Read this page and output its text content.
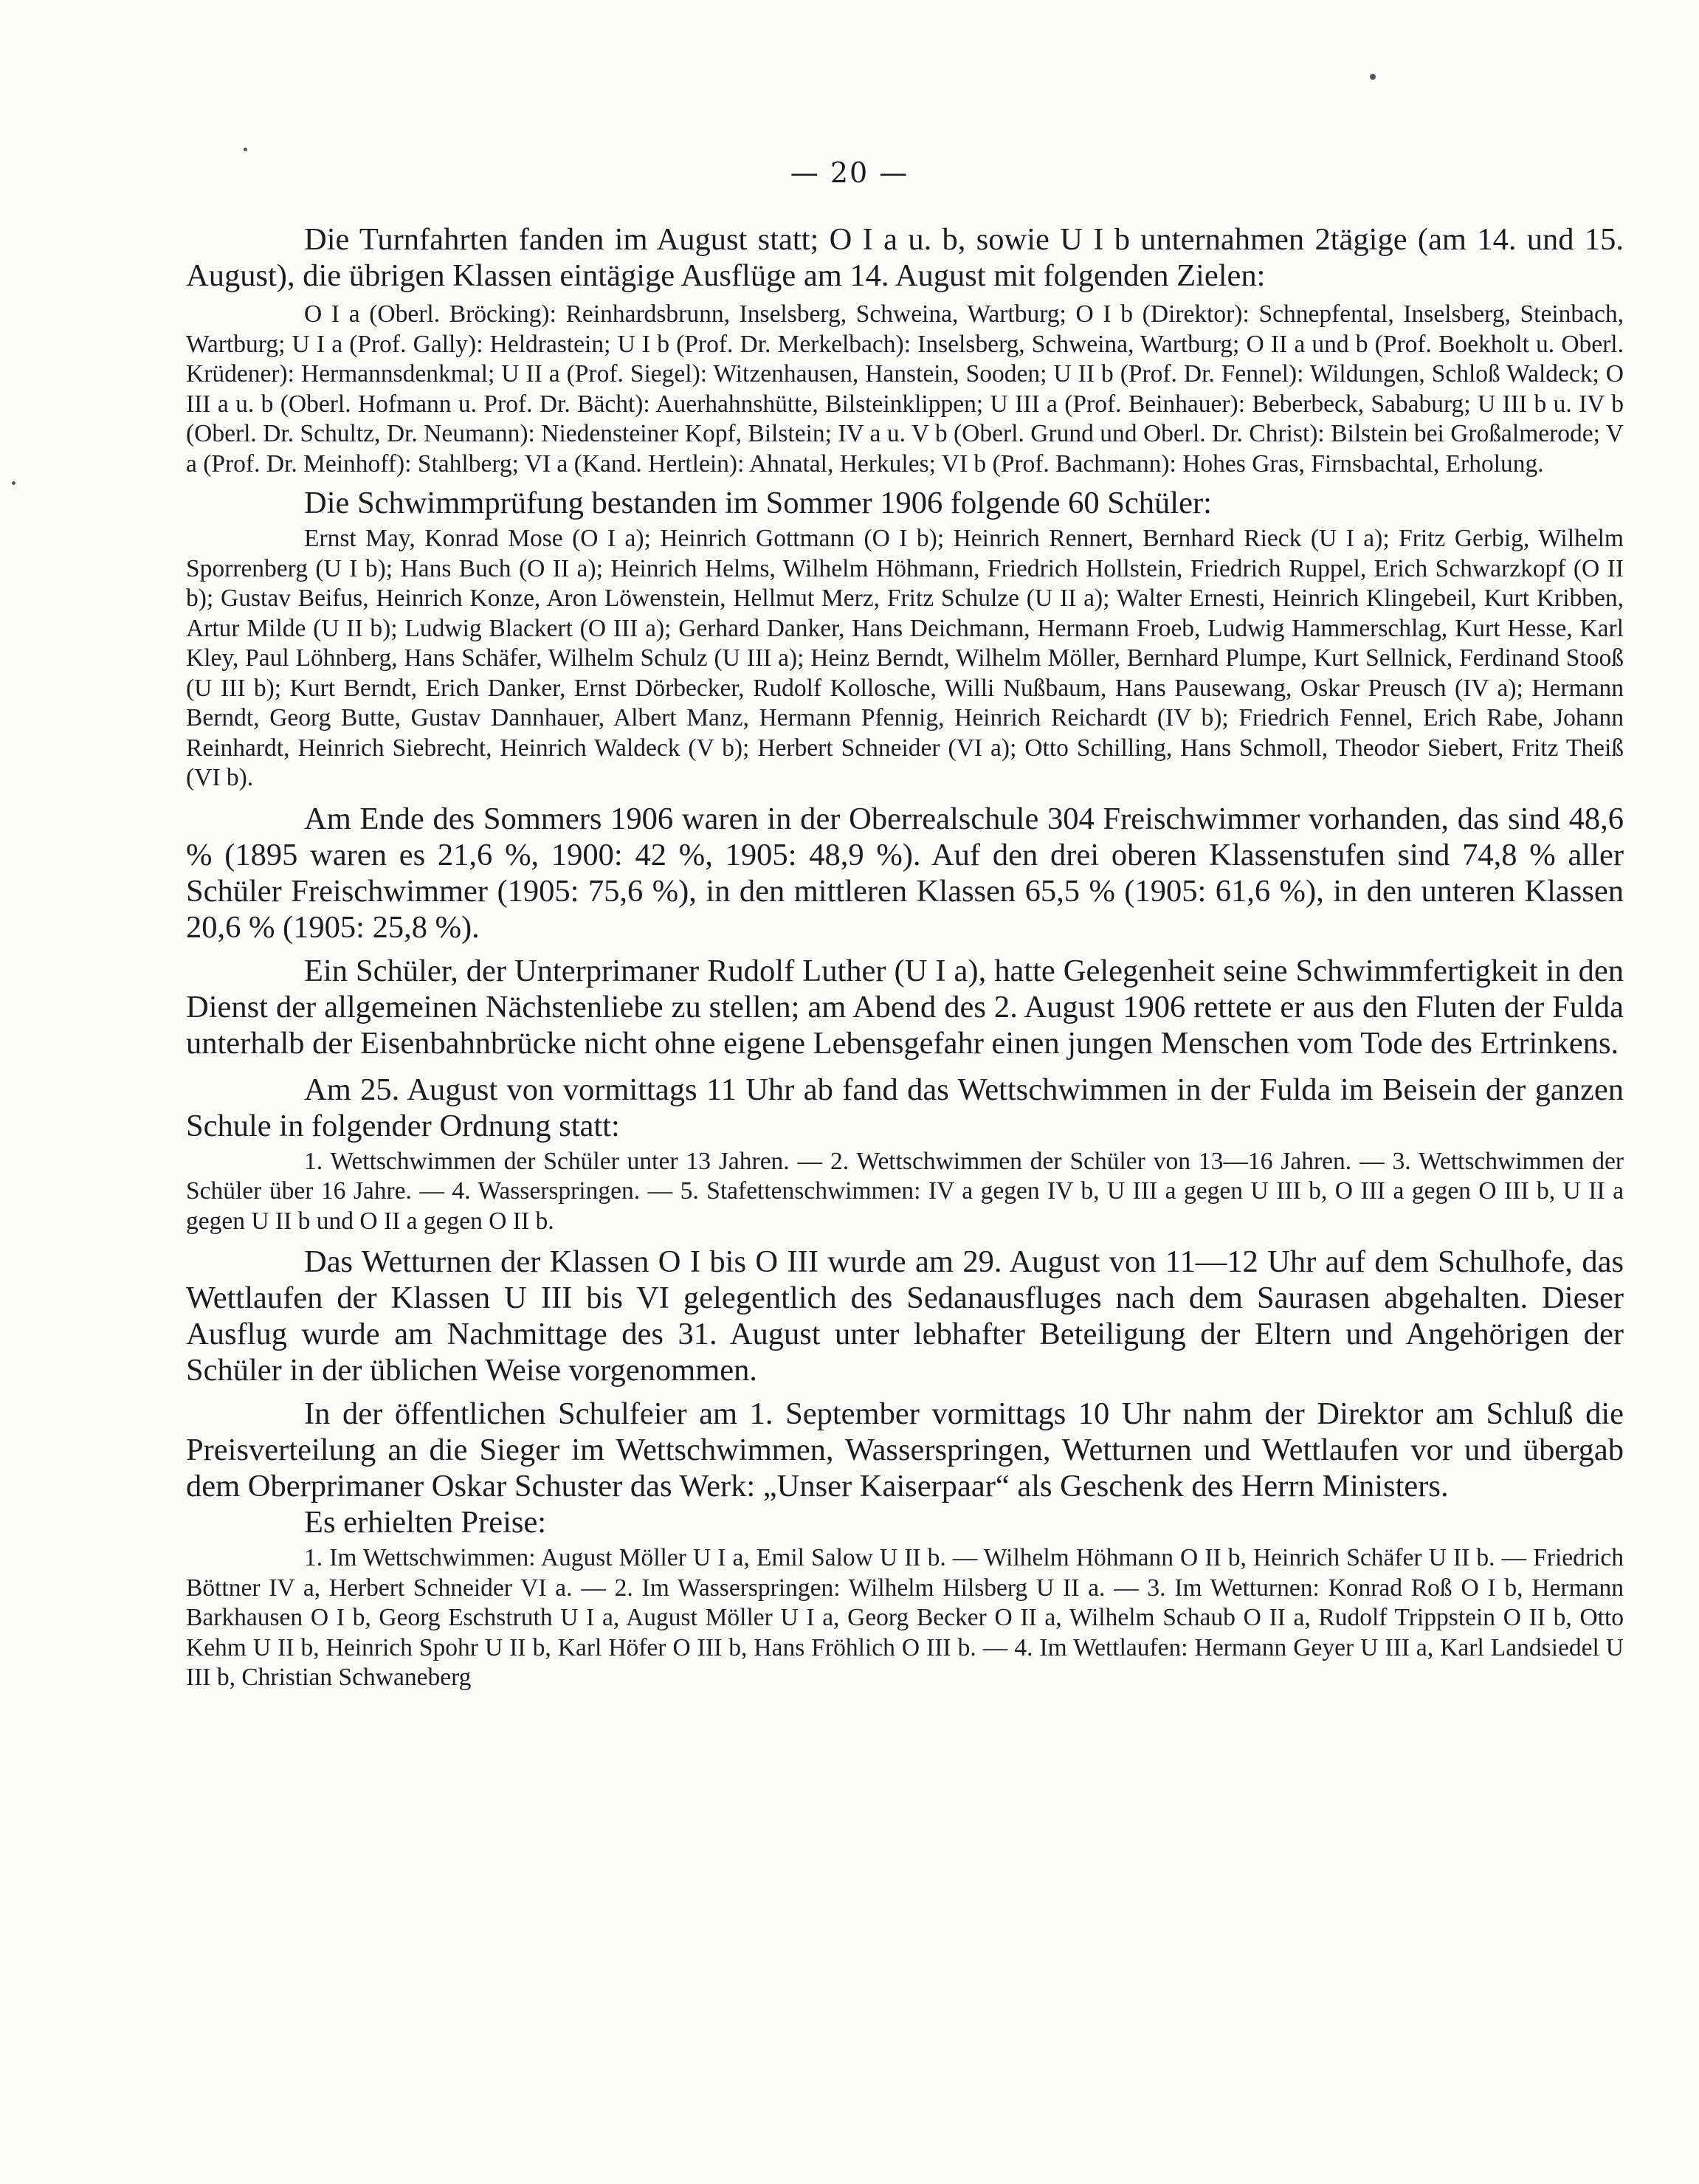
— 20 —

Die Turnfahrten fanden im August statt; O I a u. b, sowie U I b unternahmen 2tägige (am 14. und 15. August), die übrigen Klassen eintägige Ausflüge am 14. August mit folgenden Zielen:

O I a (Oberl. Bröcking): Reinhardsbrunn, Inselsberg, Schweina, Wartburg; O I b (Direktor): Schnepfental, Inselsberg, Steinbach, Wartburg; U I a (Prof. Gally): Heldrastein; U I b (Prof. Dr. Merkelbach): Inselsberg, Schweina, Wartburg; O II a und b (Prof. Boekholt u. Oberl. Krüdener): Hermannsdenkmal; U II a (Prof. Siegel): Witzenhausen, Hanstein, Sooden; U II b (Prof. Dr. Fennel): Wildungen, Schloß Waldeck; O III a u. b (Oberl. Hofmann u. Prof. Dr. Bächt): Auerhahnshütte, Bilsteinklippen; U III a (Prof. Beinhauer): Beberbeck, Sababurg; U III b u. IV b (Oberl. Dr. Schultz, Dr. Neumann): Niedensteiner Kopf, Bilstein; IV a u. V b (Oberl. Grund und Oberl. Dr. Christ): Bilstein bei Großalmerode; V a (Prof. Dr. Meinhoff): Stahlberg; VI a (Kand. Hertlein): Ahnatal, Herkules; VI b (Prof. Bachmann): Hohes Gras, Firnsbachtal, Erholung.

Die Schwimmprüfung bestanden im Sommer 1906 folgende 60 Schüler:

Ernst May, Konrad Mose (O I a); Heinrich Gottmann (O I b); Heinrich Rennert, Bernhard Rieck (U I a); Fritz Gerbig, Wilhelm Sporrenberg (U I b); Hans Buch (O II a); Heinrich Helms, Wilhelm Höhmann, Friedrich Hollstein, Friedrich Ruppel, Erich Schwarzkopf (O II b); Gustav Beifus, Heinrich Konze, Aron Löwenstein, Hellmut Merz, Fritz Schulze (U II a); Walter Ernesti, Heinrich Klingebeil, Kurt Kribben, Artur Milde (U II b); Ludwig Blackert (O III a); Gerhard Danker, Hans Deichmann, Hermann Froeb, Ludwig Hammerschlag, Kurt Hesse, Karl Kley, Paul Löhnberg, Hans Schäfer, Wilhelm Schulz (U III a); Heinz Berndt, Wilhelm Möller, Bernhard Plumpe, Kurt Sellnick, Ferdinand Stooß (U III b); Kurt Berndt, Erich Danker, Ernst Dörbecker, Rudolf Kollosche, Willi Nußbaum, Hans Pausewang, Oskar Preusch (IV a); Hermann Berndt, Georg Butte, Gustav Dannhauer, Albert Manz, Hermann Pfennig, Heinrich Reichardt (IV b); Friedrich Fennel, Erich Rabe, Johann Reinhardt, Heinrich Siebrecht, Heinrich Waldeck (V b); Herbert Schneider (VI a); Otto Schilling, Hans Schmoll, Theodor Siebert, Fritz Theiß (VI b).

Am Ende des Sommers 1906 waren in der Oberrealschule 304 Freischwimmer vorhanden, das sind 48,6 % (1895 waren es 21,6 %, 1900: 42 %, 1905: 48,9 %). Auf den drei oberen Klassenstufen sind 74,8 % aller Schüler Freischwimmer (1905: 75,6 %), in den mittleren Klassen 65,5 % (1905: 61,6 %), in den unteren Klassen 20,6 % (1905: 25,8 %).

Ein Schüler, der Unterprimaner Rudolf Luther (U I a), hatte Gelegenheit seine Schwimmfertigkeit in den Dienst der allgemeinen Nächstenliebe zu stellen; am Abend des 2. August 1906 rettete er aus den Fluten der Fulda unterhalb der Eisenbahnbrücke nicht ohne eigene Lebensgefahr einen jungen Menschen vom Tode des Ertrinkens.

Am 25. August von vormittags 11 Uhr ab fand das Wettschwimmen in der Fulda im Beisein der ganzen Schule in folgender Ordnung statt:

1. Wettschwimmen der Schüler unter 13 Jahren. — 2. Wettschwimmen der Schüler von 13—16 Jahren. — 3. Wettschwimmen der Schüler über 16 Jahre. — 4. Wasserspringen. — 5. Stafettenschwimmen: IV a gegen IV b, U III a gegen U III b, O III a gegen O III b, U II a gegen U II b und O II a gegen O II b.

Das Wetturnen der Klassen O I bis O III wurde am 29. August von 11—12 Uhr auf dem Schulhofe, das Wettlaufen der Klassen U III bis VI gelegentlich des Sedanausfluges nach dem Saurasen abgehalten. Dieser Ausflug wurde am Nachmittage des 31. August unter lebhafter Beteiligung der Eltern und Angehörigen der Schüler in der üblichen Weise vorgenommen.

In der öffentlichen Schulfeier am 1. September vormittags 10 Uhr nahm der Direktor am Schluß die Preisverteilung an die Sieger im Wettschwimmen, Wasserspringen, Wetturnen und Wettlaufen vor und übergab dem Oberprimaner Oskar Schuster das Werk: „Unser Kaiserpaar“ als Geschenk des Herrn Ministers.

Es erhielten Preise:

1. Im Wettschwimmen: August Möller U I a, Emil Salow U II b. — Wilhelm Höhmann O II b, Heinrich Schäfer U II b. — Friedrich Böttner IV a, Herbert Schneider VI a. — 2. Im Wasserspringen: Wilhelm Hilsberg U II a. — 3. Im Wetturnen: Konrad Roß O I b, Hermann Barkhausen O I b, Georg Eschstruth U I a, August Möller U I a, Georg Becker O II a, Wilhelm Schaub O II a, Rudolf Trippstein O II b, Otto Kehm U II b, Heinrich Spohr U II b, Karl Höfer O III b, Hans Fröhlich O III b. — 4. Im Wettlaufen: Hermann Geyer U III a, Karl Landsiedel U III b, Christian Schwaneberg
